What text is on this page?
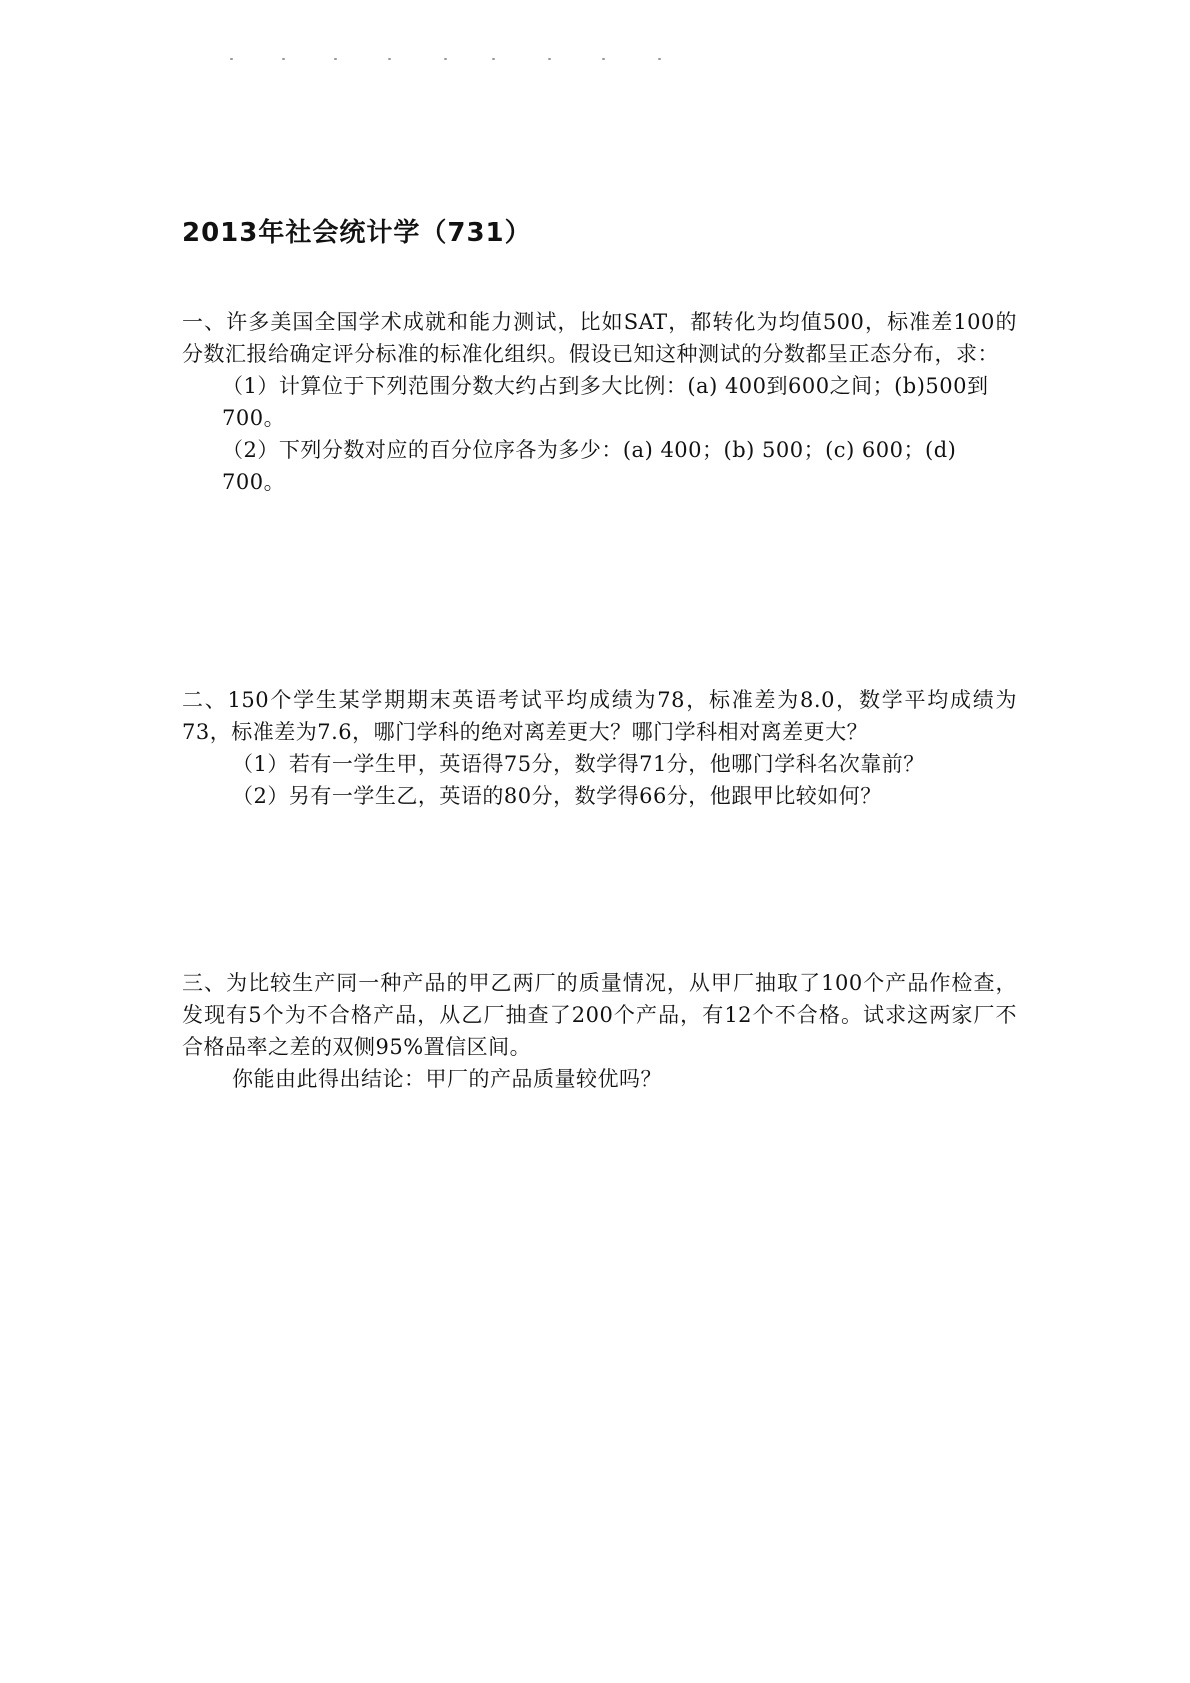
2013年社会统计学（731）

一、许多美国全国学术成就和能力测试，比如SAT，都转化为均值500，标准差100的分数汇报给确定评分标准的标准化组织。假设已知这种测试的分数都呈正态分布，求：

（1）计算位于下列范围分数大约占到多大比例：(a) 400到600之间；(b)500到700。

（2）下列分数对应的百分位序各为多少：(a) 400；(b) 500；(c) 600；(d) 700。

二、150个学生某学期期末英语考试平均成绩为78，标准差为8.0，数学平均成绩为73，标准差为7.6，哪门学科的绝对离差更大？哪门学科相对离差更大？

（1）若有一学生甲，英语得75分，数学得71分，他哪门学科名次靠前？

（2）另有一学生乙，英语的80分，数学得66分，他跟甲比较如何？

三、为比较生产同一种产品的甲乙两厂的质量情况，从甲厂抽取了100个产品作检查，发现有5个为不合格产品，从乙厂抽查了200个产品，有12个不合格。试求这两家厂不合格品率之差的双侧95%置信区间。

你能由此得出结论：甲厂的产品质量较优吗？
